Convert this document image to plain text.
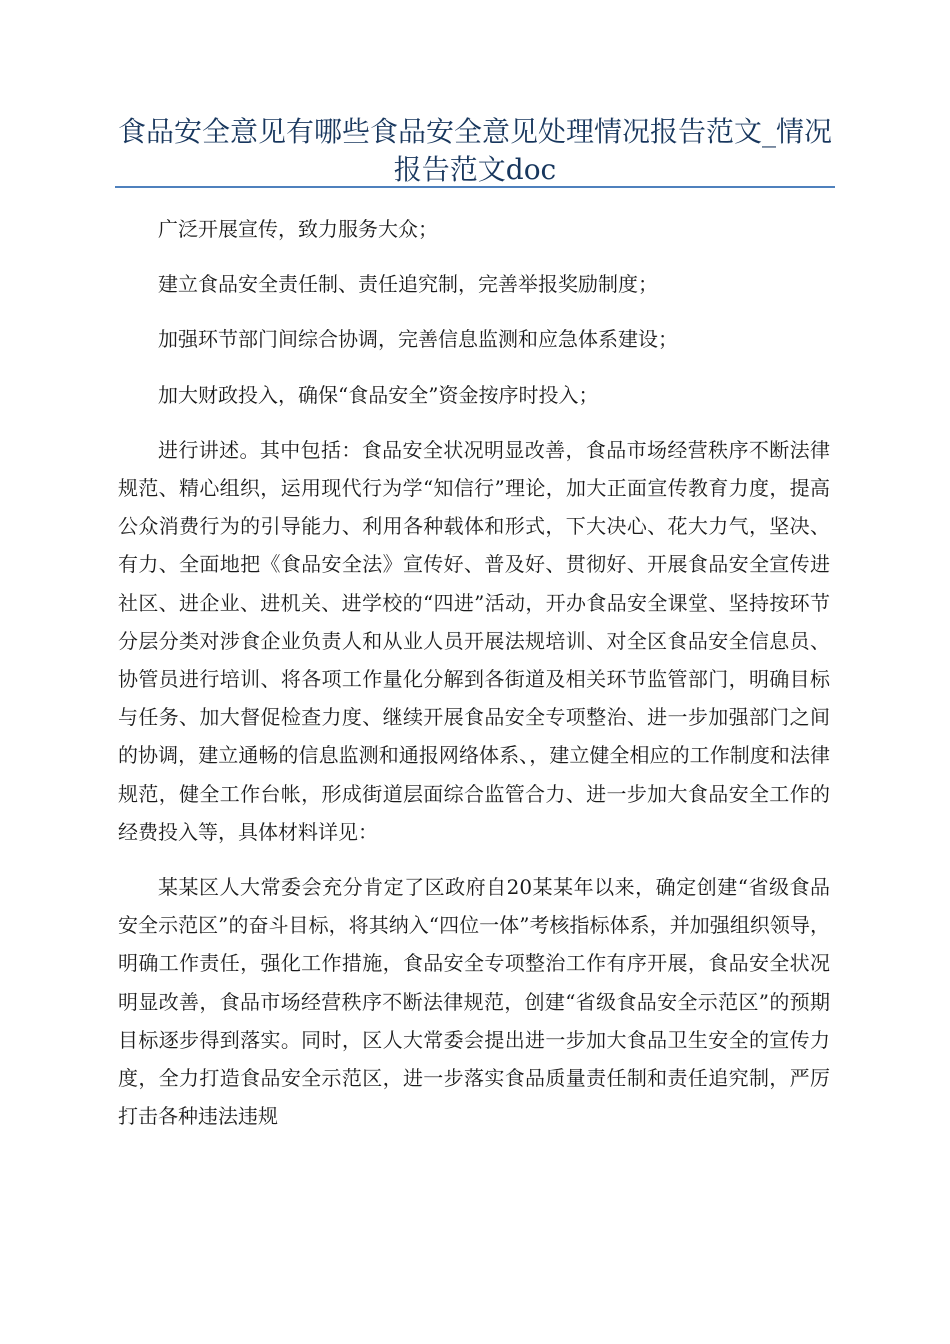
食品安全意见有哪些食品安全意见处理情况报告范文_情况报告范文doc

广泛开展宣传，致力服务大众；

建立食品安全责任制、责任追究制，完善举报奖励制度；

加强环节部门间综合协调，完善信息监测和应急体系建设；

加大财政投入，确保“食品安全”资金按序时投入；

进行讲述。其中包括：食品安全状况明显改善，食品市场经营秩序不断法律规范、精心组织，运用现代行为学“知信行”理论，加大正面宣传教育力度，提高公众消费行为的引导能力、利用各种载体和形式，下大决心、花大力气，坚决、有力、全面地把《食品安全法》宣传好、普及好、贯彻好、开展食品安全宣传进社区、进企业、进机关、进学校的“四进”活动，开办食品安全课堂、坚持按环节分层分类对涉食企业负责人和从业人员开展法规培训、对全区食品安全信息员、协管员进行培训、将各项工作量化分解到各街道及相关环节监管部门，明确目标与任务、加大督促检查力度、继续开展食品安全专项整治、进一步加强部门之间的协调，建立通畅的信息监测和通报网络体系、，建立健全相应的工作制度和法律规范，健全工作台帐，形成街道层面综合监管合力、进一步加大食品安全工作的经费投入等，具体材料详见：

某某区人大常委会充分肯定了区政府自20某某年以来，确定创建“省级食品安全示范区”的奋斗目标，将其纳入“四位一体”考核指标体系，并加强组织领导，明确工作责任，强化工作措施，食品安全专项整治工作有序开展，食品安全状况明显改善，食品市场经营秩序不断法律规范，创建“省级食品安全示范区”的预期目标逐步得到落实。同时，区人大常委会提出进一步加大食品卫生安全的宣传力度，全力打造食品安全示范区，进一步落实食品质量责任制和责任追究制，严厉打击各种违法违规
